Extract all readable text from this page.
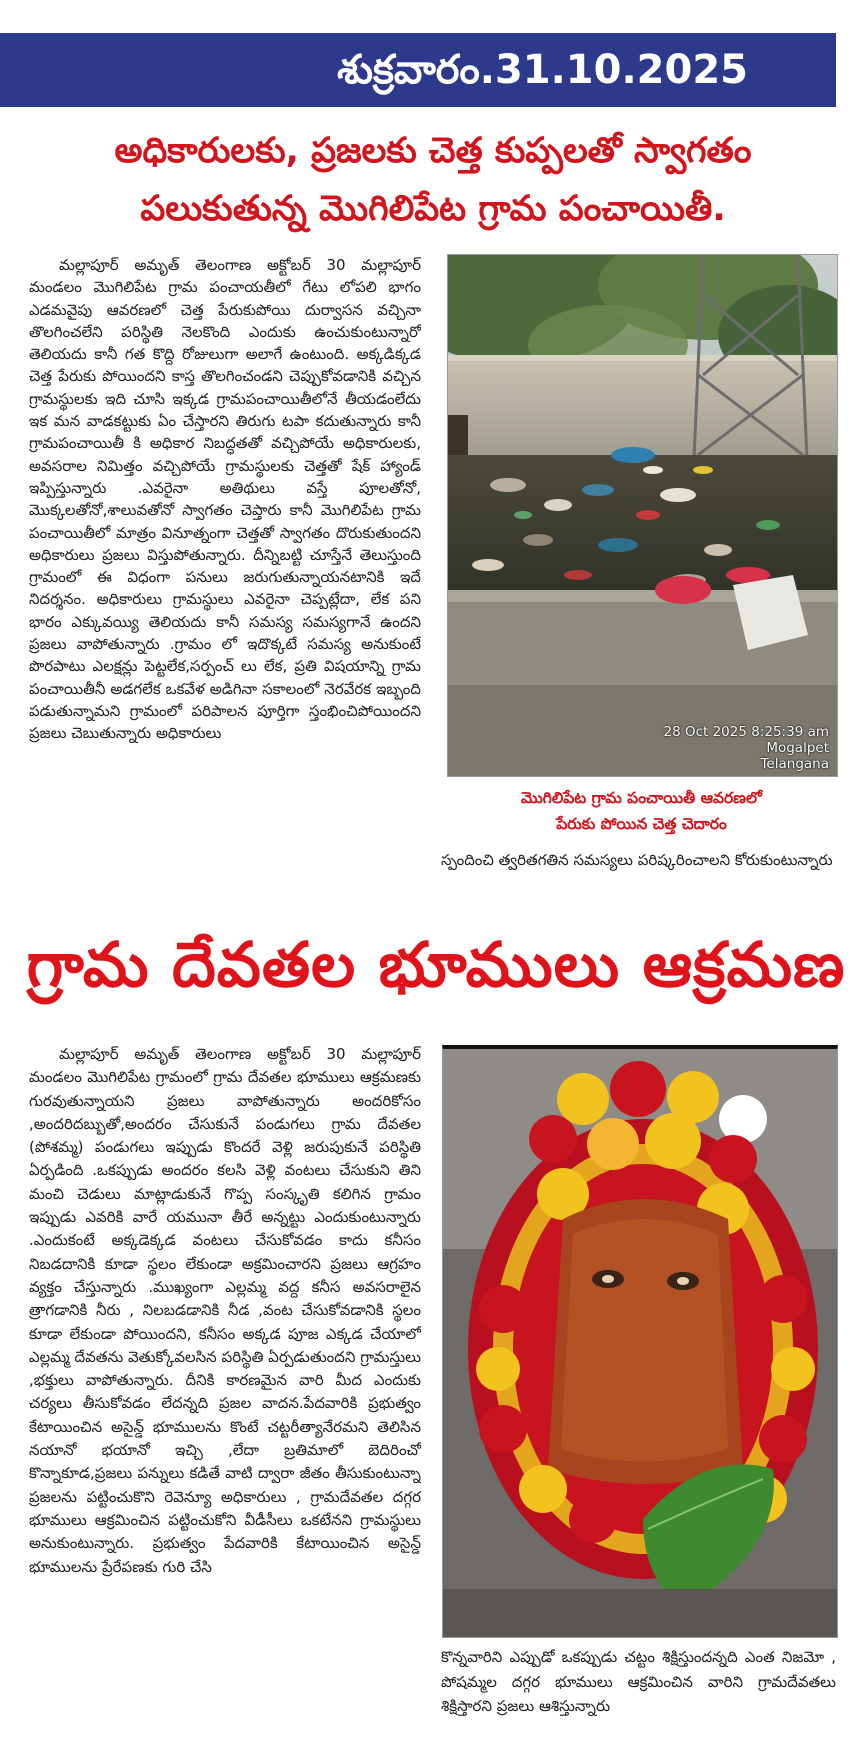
శుక్రవారం.31.10.2025
అధికారులకు, ప్రజలకు చెత్త కుప్పలతో స్వాగతం
పలుకుతున్న మొగిలిపేట గ్రామ పంచాయితీ.

మల్లాపూర్ అమృత్ తెలంగాణ అక్టోబర్ 30 మల్లాపూర్ మండలం మొగిలిపేట గ్రామ పంచాయతీలో గేటు లోపలి భాగం ఎడమవైపు ఆవరణలో చెత్త పేరుకుపోయి దుర్వాసన వచ్చినా తొలగించలేని పరిస్థితి నెలకొంది ఎందుకు ఉంచుకుంటున్నారో తెలియదు కానీ గత కొద్ది రోజులుగా అలాగే ఉంటుంది. అక్కడిక్కడ చెత్త పేరుకు పోయిందని కాస్త తొలగించండని చెప్పుకోవడానికి వచ్చిన గ్రామస్థులకు ఇది చూసి ఇక్కడ గ్రామపంచాయితీలోనే తీయడంలేదు ఇక మన వాడకట్టుకు ఏం చేస్తారని తిరుగు టపా కదుతున్నారు కానీ గ్రామపంచాయితీ కి అధికార నిబద్ధతతో వచ్చిపోయే అధికారులకు, అవసరాల నిమిత్తం వచ్చిపోయే గ్రామస్థులకు చెత్తతో షేక్ హ్యాండ్ ఇప్పిస్తున్నారు .ఎవరైనా అతిథులు వస్తే పూలతోనో, మొక్కలతోనో,శాలువతోనో స్వాగతం చెప్తారు కానీ మొగిలిపేట గ్రామ పంచాయితీలో మాత్రం వినూత్నంగా చెత్తతో స్వాగతం దొరుకుతుందని అధికారులు ప్రజలు విస్తుపోతున్నారు. దీన్నిబట్టి చూస్తేనే తెలుస్తుంది గ్రామంలో ఈ విధంగా పనులు జరుగుతున్నాయనటానికి ఇదే నిదర్శనం. అధికారులు గ్రామస్థులు ఎవరైనా చెప్పట్లేదా, లేక పని భారం ఎక్కువయ్యి తెలియదు కానీ సమస్య సమస్యగానే ఉందని ప్రజలు వాపోతున్నారు .గ్రామం లో ఇదొక్కటే సమస్య అనుకుంటే పొరపాటు ఎలక్షన్లు పెట్టలేక,సర్పంచ్ లు లేక, ప్రతి విషయాన్ని గ్రామ పంచాయితీనీ అడగలేక ఒకవేళ అడిగినా సకాలంలో నెరవేరక ఇబ్బంది పడుతున్నామని గ్రామంలో పరిపాలన పూర్తిగా స్తంభించిపోయిందని ప్రజలు చెబుతున్నారు అధికారులు	28 Oct 2025 8:25:39 am
Mogalpet
Telangana
మొగిలిపేట గ్రామ పంచాయితీ ఆవరణలో
పేరుకు పోయిన చెత్త చెదారం
స్పందించి త్వరితగతిన సమస్యలు పరిష్కరించాలని కోరుకుంటున్నారు
గ్రామ దేవతల భూములు ఆక్రమణ

మల్లాపూర్ అమృత్ తెలంగాణ అక్టోబర్ 30 మల్లాపూర్ మండలం మొగిలిపేట గ్రామంలో గ్రామ దేవతల భూములు ఆక్రమణకు గురవుతున్నాయని ప్రజలు వాపోతున్నారు అందరికోసం ,అందరిదబ్బుతో,అందరం చేసుకునే పండుగలు గ్రామ దేవతల (పోశమ్మ) పండుగలు ఇప్పుడు కొందరే వెళ్లి జరుపుకునే పరిస్థితి ఏర్పడింది .ఒకప్పుడు అందరం కలసి వెళ్లి వంటలు చేసుకుని తిని మంచి చెడులు మాట్లాడుకునే గొప్ప సంస్కృతి కలిగిన గ్రామం ఇప్పుడు ఎవరికి వారే యమునా తీరే అన్నట్టు ఎందుకుంటున్నారు .ఎందుకంటే అక్కడెక్కడ వంటలు చేసుకోవడం కాదు కనీసం నిబడదానికి కూడా స్థలం లేకుండా అక్రమించారని ప్రజలు ఆగ్రహం వ్యక్తం చేస్తున్నారు .ముఖ్యంగా ఎల్లమ్మ వద్ద కనీస అవసరాలైన త్రాగడానికి నీరు , నిలబడడానికి నీడ ,వంట చేసుకోవడానికి స్థలం కూడా లేకుండా పోయిందని, కనీసం అక్కడ పూజ ఎక్కడ చేయాలో ఎల్లమ్మ దేవతను వెతుక్కోవలసిన పరిస్థితి ఏర్పడుతుందని గ్రామస్తులు ,భక్తులు వాపోతున్నారు. దీనికి కారణమైన వారి మీద ఎందుకు చర్యలు తీసుకోవడం లేదన్నది ప్రజల వాదన.పేదవారికి ప్రభుత్వం కేటాయించిన అసైన్డ్ భూములను కొంటే చట్టరీత్యానేరమని తెలిసిన నయానో భయానో ఇచ్చి ,లేదా బ్రతిమాలో బెదిరించో కొన్నాకూడ,ప్రజలు పన్నులు కడితే వాటి ద్వారా జీతం తీసుకుంటున్నా ప్రజలను పట్టించుకొని రెవెన్యూ అధికారులు , గ్రామదేవతల దగ్గర భూములు ఆక్రమించిన పట్టించుకోని వీడీసీలు ఒకటేనని గ్రామస్థులు అనుకుంటున్నారు. ప్రభుత్వం పేదవారికి కేటాయించిన అసైన్డ్ భూములను ప్రేరేపణకు గురి చేసి

కొన్నవారిని ఎప్పుడో ఒకప్పుడు చట్టం శిక్షిస్తుందన్నది ఎంత నిజమో , పోషమ్మల దగ్గర భూములు ఆక్రమించిన వారిని గ్రామదేవతలు శిక్షిస్తారని ప్రజలు ఆశిస్తున్నారు
